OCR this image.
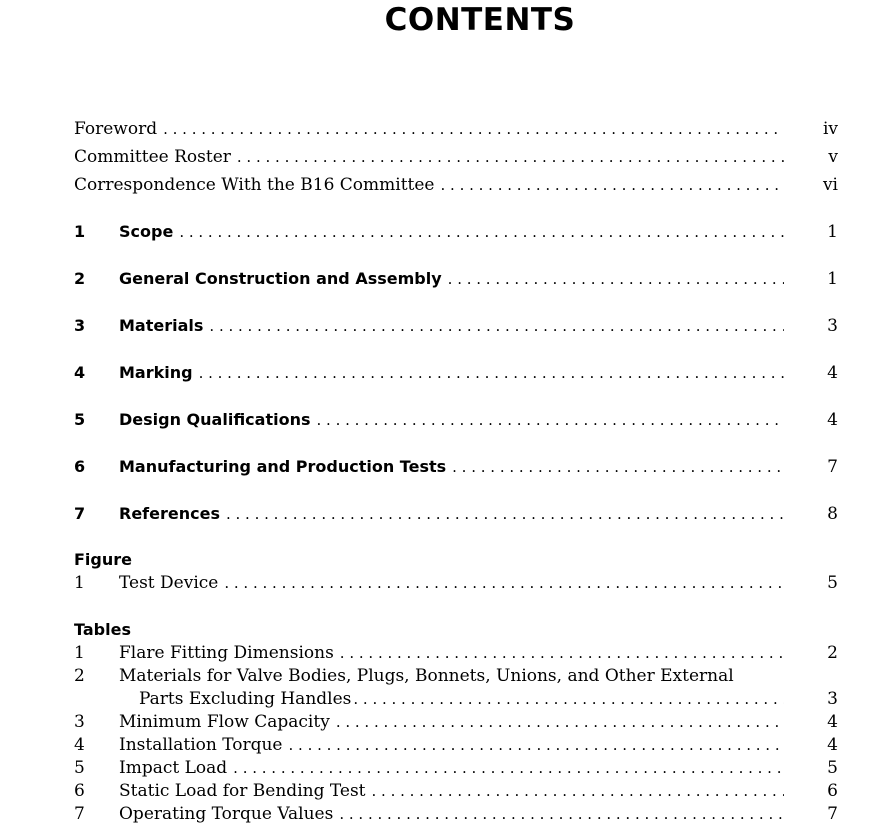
CONTENTS
Foreword . . .	iv
Committee Roster . . .	v
Correspondence With the B16 Committee . . .	vi
1	Scope . . .	1
2	General Construction and Assembly . . .	1
3	Materials . . .	3
4	Marking . . .	4
5	Design Qualifications . . .	4
6	Manufacturing and Production Tests . . .	7
7	References . . .	8
Figure
1	Test Device . . .	5
Tables
1	Flare Fitting Dimensions . . .	2
2	Materials for Valve Bodies, Plugs, Bonnets, Unions, and Other External
Parts Excluding Handles . . .	3
3	Minimum Flow Capacity . . .	4
4	Installation Torque . . .	4
5	Impact Load . . .	5
6	Static Load for Bending Test . . .	6
7	Operating Torque Values . . .	7
